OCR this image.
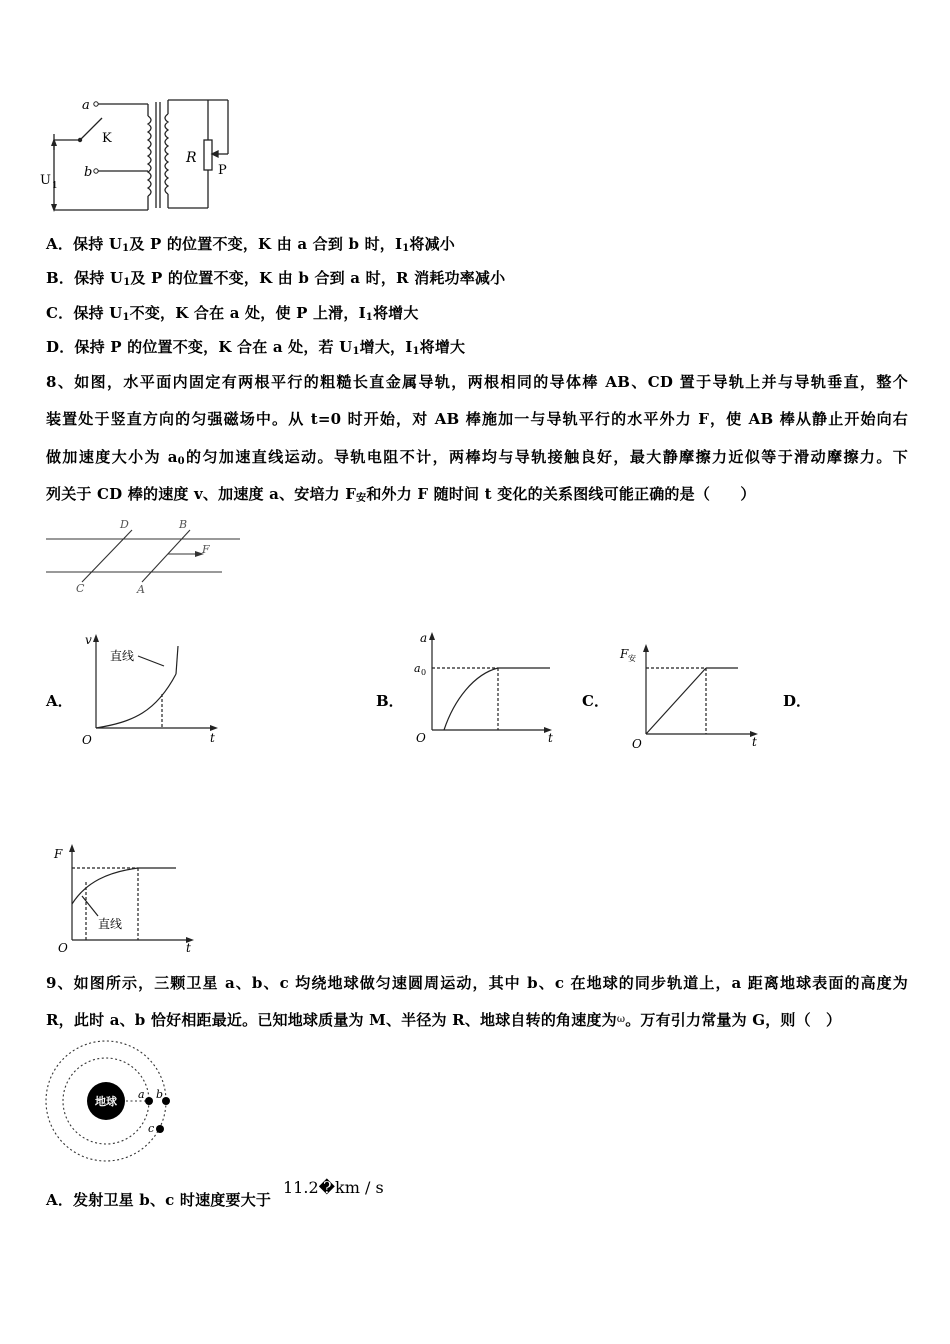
a
K
b
R
P
U 1
A．保持 $U_1$及 P 的位置不变，K 由 a 合到 b 时，$I_1$将减小
B．保持 $U_1$及 P 的位置不变，K 由 b 合到 a 时，R 消耗功率减小
C．保持 $U_1$不变，K 合在 a 处，使 P 上滑，$I_1$将增大
D．保持 P 的位置不变，K 合在 a 处，若 $U_1$增大，$I_1$将增大
8、如图，水平面内固定有两根平行的粗糙长直金属导轨，两根相同的导体棒 AB、CD 置于导轨上并与导轨垂直，整个
装置处于竖直方向的匀强磁场中。从 t=0 时开始，对 AB 棒施加一与导轨平行的水平外力 F，使 AB 棒从静止开始向右
做加速度大小为 $a_0$的匀加速直线运动。导轨电阻不计，两棒均与导轨接触良好，最大静摩擦力近似等于滑动摩擦力。下
列关于 CD 棒的速度 v、加速度 a、安培力 $F_安$和外力 F 随时间 t 变化的关系图线可能正确的是（　　）
D	B
F
C	A
A．	B．	C．	D．
v
t
O
直线
a
a 0
t
O
F 安
t
O
F
t
O
直线
9、如图所示，三颗卫星 a、b、c 均绕地球做匀速圆周运动，其中 b、c 在地球的同步轨道上，a 距离地球表面的高度为
R，此时 a、b 恰好相距最近。已知地球质量为 M、半径为 R、地球自转的角速度为$^\omega$。万有引力常量为 G，则（　）
地球
a b
c
A．发射卫星 b、c 时速度要大于
11.2�km / s
